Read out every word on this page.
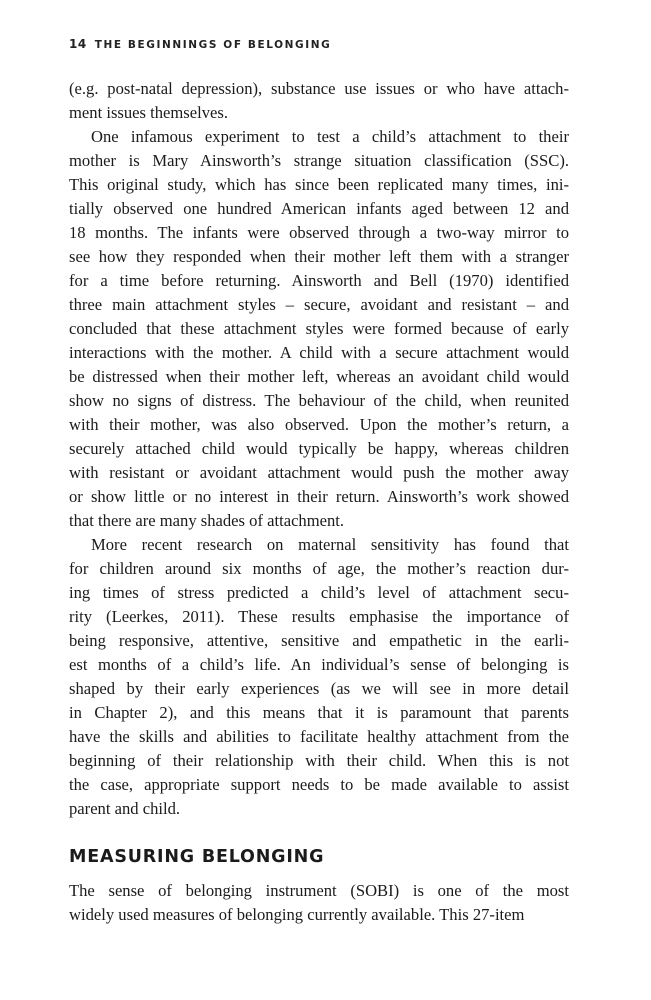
14 THE BEGINNINGS OF BELONGING

(e.g. post-natal depression), substance use issues or who have attach-
ment issues themselves.

One infamous experiment to test a child’s attachment to their
mother is Mary Ainsworth’s strange situation classification (SSC).
This original study, which has since been replicated many times, ini-
tially observed one hundred American infants aged between 12 and
18 months. The infants were observed through a two-way mirror to
see how they responded when their mother left them with a stranger
for a time before returning. Ainsworth and Bell (1970) identified
three main attachment styles – secure, avoidant and resistant – and
concluded that these attachment styles were formed because of early
interactions with the mother. A child with a secure attachment would
be distressed when their mother left, whereas an avoidant child would
show no signs of distress. The behaviour of the child, when reunited
with their mother, was also observed. Upon the mother’s return, a
securely attached child would typically be happy, whereas children
with resistant or avoidant attachment would push the mother away
or show little or no interest in their return. Ainsworth’s work showed
that there are many shades of attachment.

More recent research on maternal sensitivity has found that
for children around six months of age, the mother’s reaction dur-
ing times of stress predicted a child’s level of attachment secu-
rity (Leerkes, 2011). These results emphasise the importance of
being responsive, attentive, sensitive and empathetic in the earli-
est months of a child’s life. An individual’s sense of belonging is
shaped by their early experiences (as we will see in more detail
in Chapter 2), and this means that it is paramount that parents
have the skills and abilities to facilitate healthy attachment from the
beginning of their relationship with their child. When this is not
the case, appropriate support needs to be made available to assist
parent and child.

MEASURING BELONGING

The sense of belonging instrument (SOBI) is one of the most
widely used measures of belonging currently available. This 27-item
